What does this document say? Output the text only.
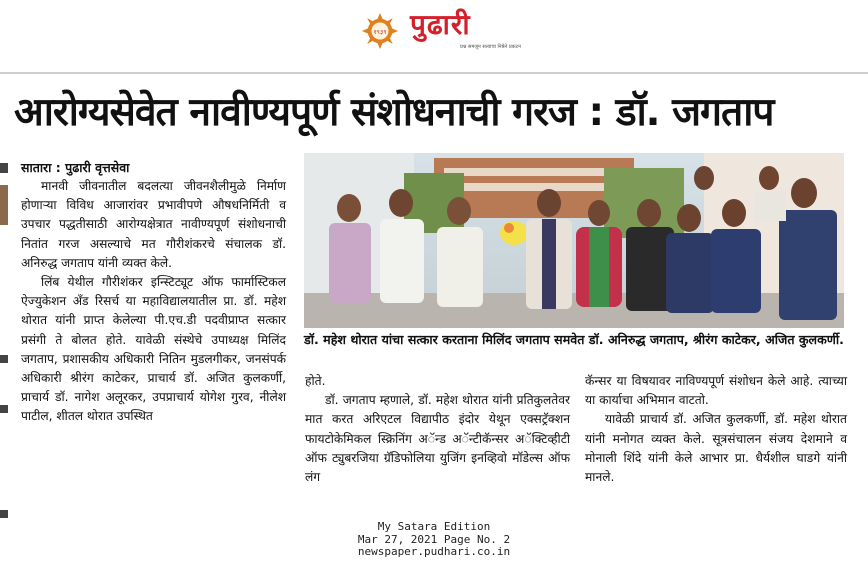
१९३९ पुढारी
प्रश्न समजून सत्याचा निष्ठेने प्रकटन
आरोग्यसेवेत नावीण्यपूर्ण संशोधनाची गरज : डॉ. जगताप
सातारा : पुढारी वृत्तसेवा

मानवी जीवनातील बदलत्या जीवनशैलीमुळे निर्माण होणाऱ्या विविध आजारांवर प्रभावीपणे औषधनिर्मिती व उपचार पद्धतीसाठी आरोग्यक्षेत्रात नावीण्यपूर्ण संशोधनाची नितांत गरज असल्याचे मत गौरीशंकरचे संचालक डॉ. अनिरुद्ध जगताप यांनी व्यक्त केले.

लिंब येथील गौरीशंकर इन्स्टिट्यूट ऑफ फार्मास्टिकल ऐज्युकेशन अँड रिसर्च या महाविद्यालयातील प्रा. डॉ. महेश थोरात यांनी प्राप्त केलेल्या पी.एच.डी पदवीप्राप्त सत्कार प्रसंगी ते बोलत होते. यावेळी संस्थेचे उपाध्यक्ष मिलिंद जगताप, प्रशासकीय अधिकारी नितिन मुडलगीकर, जनसंपर्क अधिकारी श्रीरंग काटेकर, प्राचार्य डॉ. अजित कुलकर्णी, प्राचार्य डॉ. नागेश अलूरकर, उपप्राचार्य योगेश गुरव, नीलेश पाटील, शीतल थोरात उपस्थित

डॉ. महेश थोरात यांचा सत्कार करताना मिलिंद जगताप समवेत डॉ. अनिरुद्ध जगताप, श्रीरंग काटेकर, अजित कुलकर्णी.

होते.

डॉ. जगताप म्हणाले, डॉ. महेश थोरात यांनी प्रतिकुलतेवर मात करत अरिएटल विद्यापीठ इंदोर येथून एक्सट्रॅक्शन फायटोकेमिकल स्क्रिनिंग अॅन्ड अॅन्टीकॅन्सर अॅक्टिव्हीटी ऑफ ट्युबरजिया ग्रॅडिफोलिया युजिंग इनव्हिवो मॉडेल्स ऑफ लंग

कॅन्सर या विषयावर नाविण्यपूर्ण संशोधन केले आहे. त्याच्या या कार्याचा अभिमान वाटतो.

यावेळी प्राचार्य डॉ. अजित कुलकर्णी, डॉ. महेश थोरात यांनी मनोगत व्यक्त केले. सूत्रसंचालन संजय देशमाने व मोनाली शिंदे यांनी केले आभार प्रा. धैर्यशील घाडगे यांनी मानले.

My Satara Edition
Mar 27, 2021 Page No. 2
newspaper.pudhari.co.in
